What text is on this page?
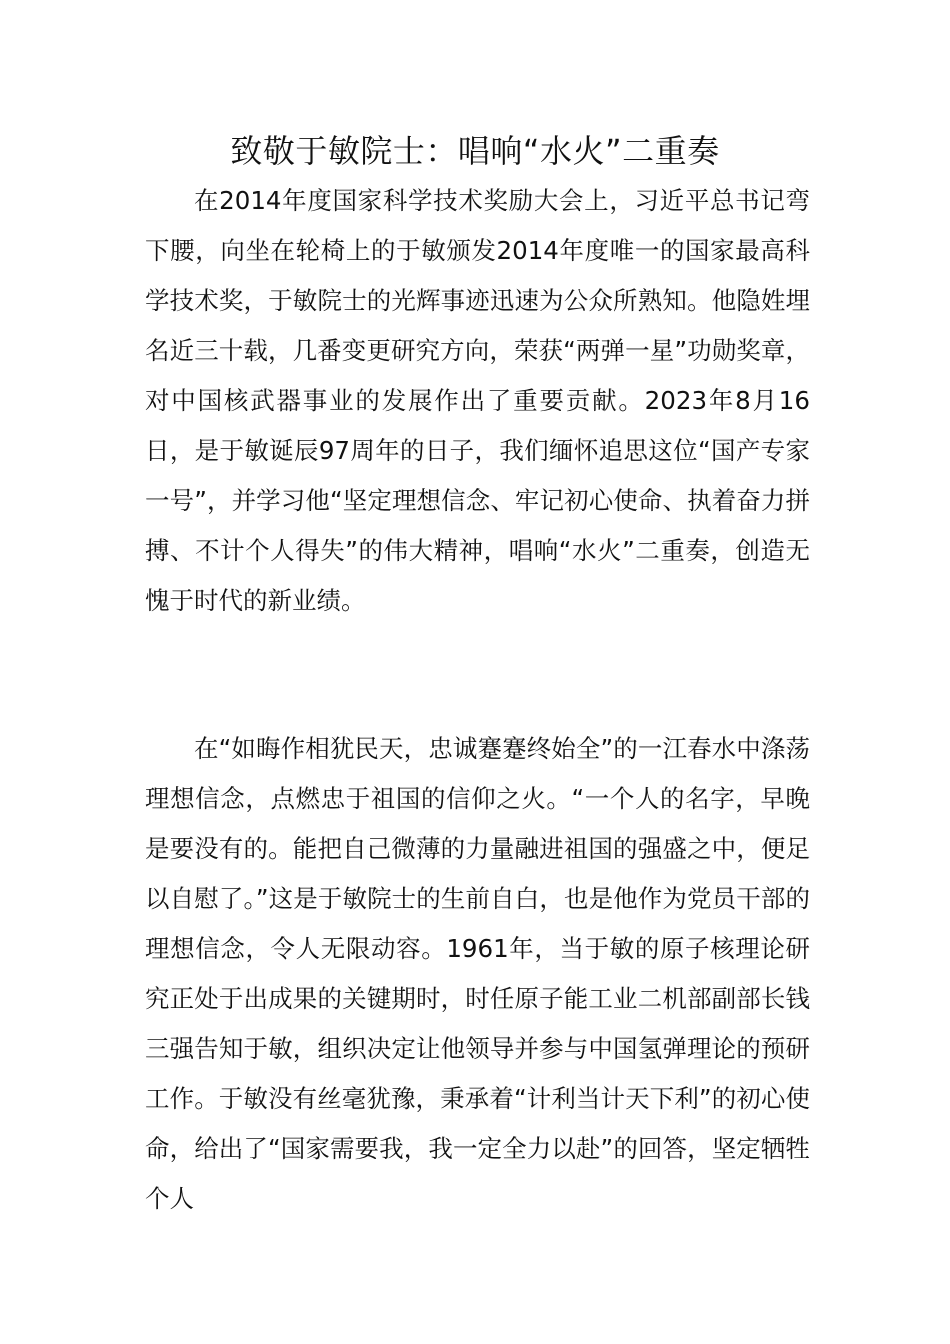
致敬于敏院士：唱响“水火”二重奏

在2014年度国家科学技术奖励大会上，习近平总书记弯下腰，向坐在轮椅上的于敏颁发2014年度唯一的国家最高科学技术奖，于敏院士的光辉事迹迅速为公众所熟知。他隐姓埋名近三十载，几番变更研究方向，荣获“两弹一星”功勋奖章，对中国核武器事业的发展作出了重要贡献。2023年8月16日，是于敏诞辰97周年的日子，我们缅怀追思这位“国产专家一号”，并学习他“坚定理想信念、牢记初心使命、执着奋力拼搏、不计个人得失”的伟大精神，唱响“水火”二重奏，创造无愧于时代的新业绩。

在“如晦作相犹民天，忠诚蹇蹇终始全”的一江春水中涤荡理想信念，点燃忠于祖国的信仰之火。“一个人的名字，早晚是要没有的。能把自己微薄的力量融进祖国的强盛之中，便足以自慰了。”这是于敏院士的生前自白，也是他作为党员干部的理想信念，令人无限动容。1961年，当于敏的原子核理论研究正处于出成果的关键期时，时任原子能工业二机部副部长钱三强告知于敏，组织决定让他领导并参与中国氢弹理论的预研工作。于敏没有丝毫犹豫，秉承着“计利当计天下利”的初心使命，给出了“国家需要我，我一定全力以赴”的回答，坚定牺牲个人
